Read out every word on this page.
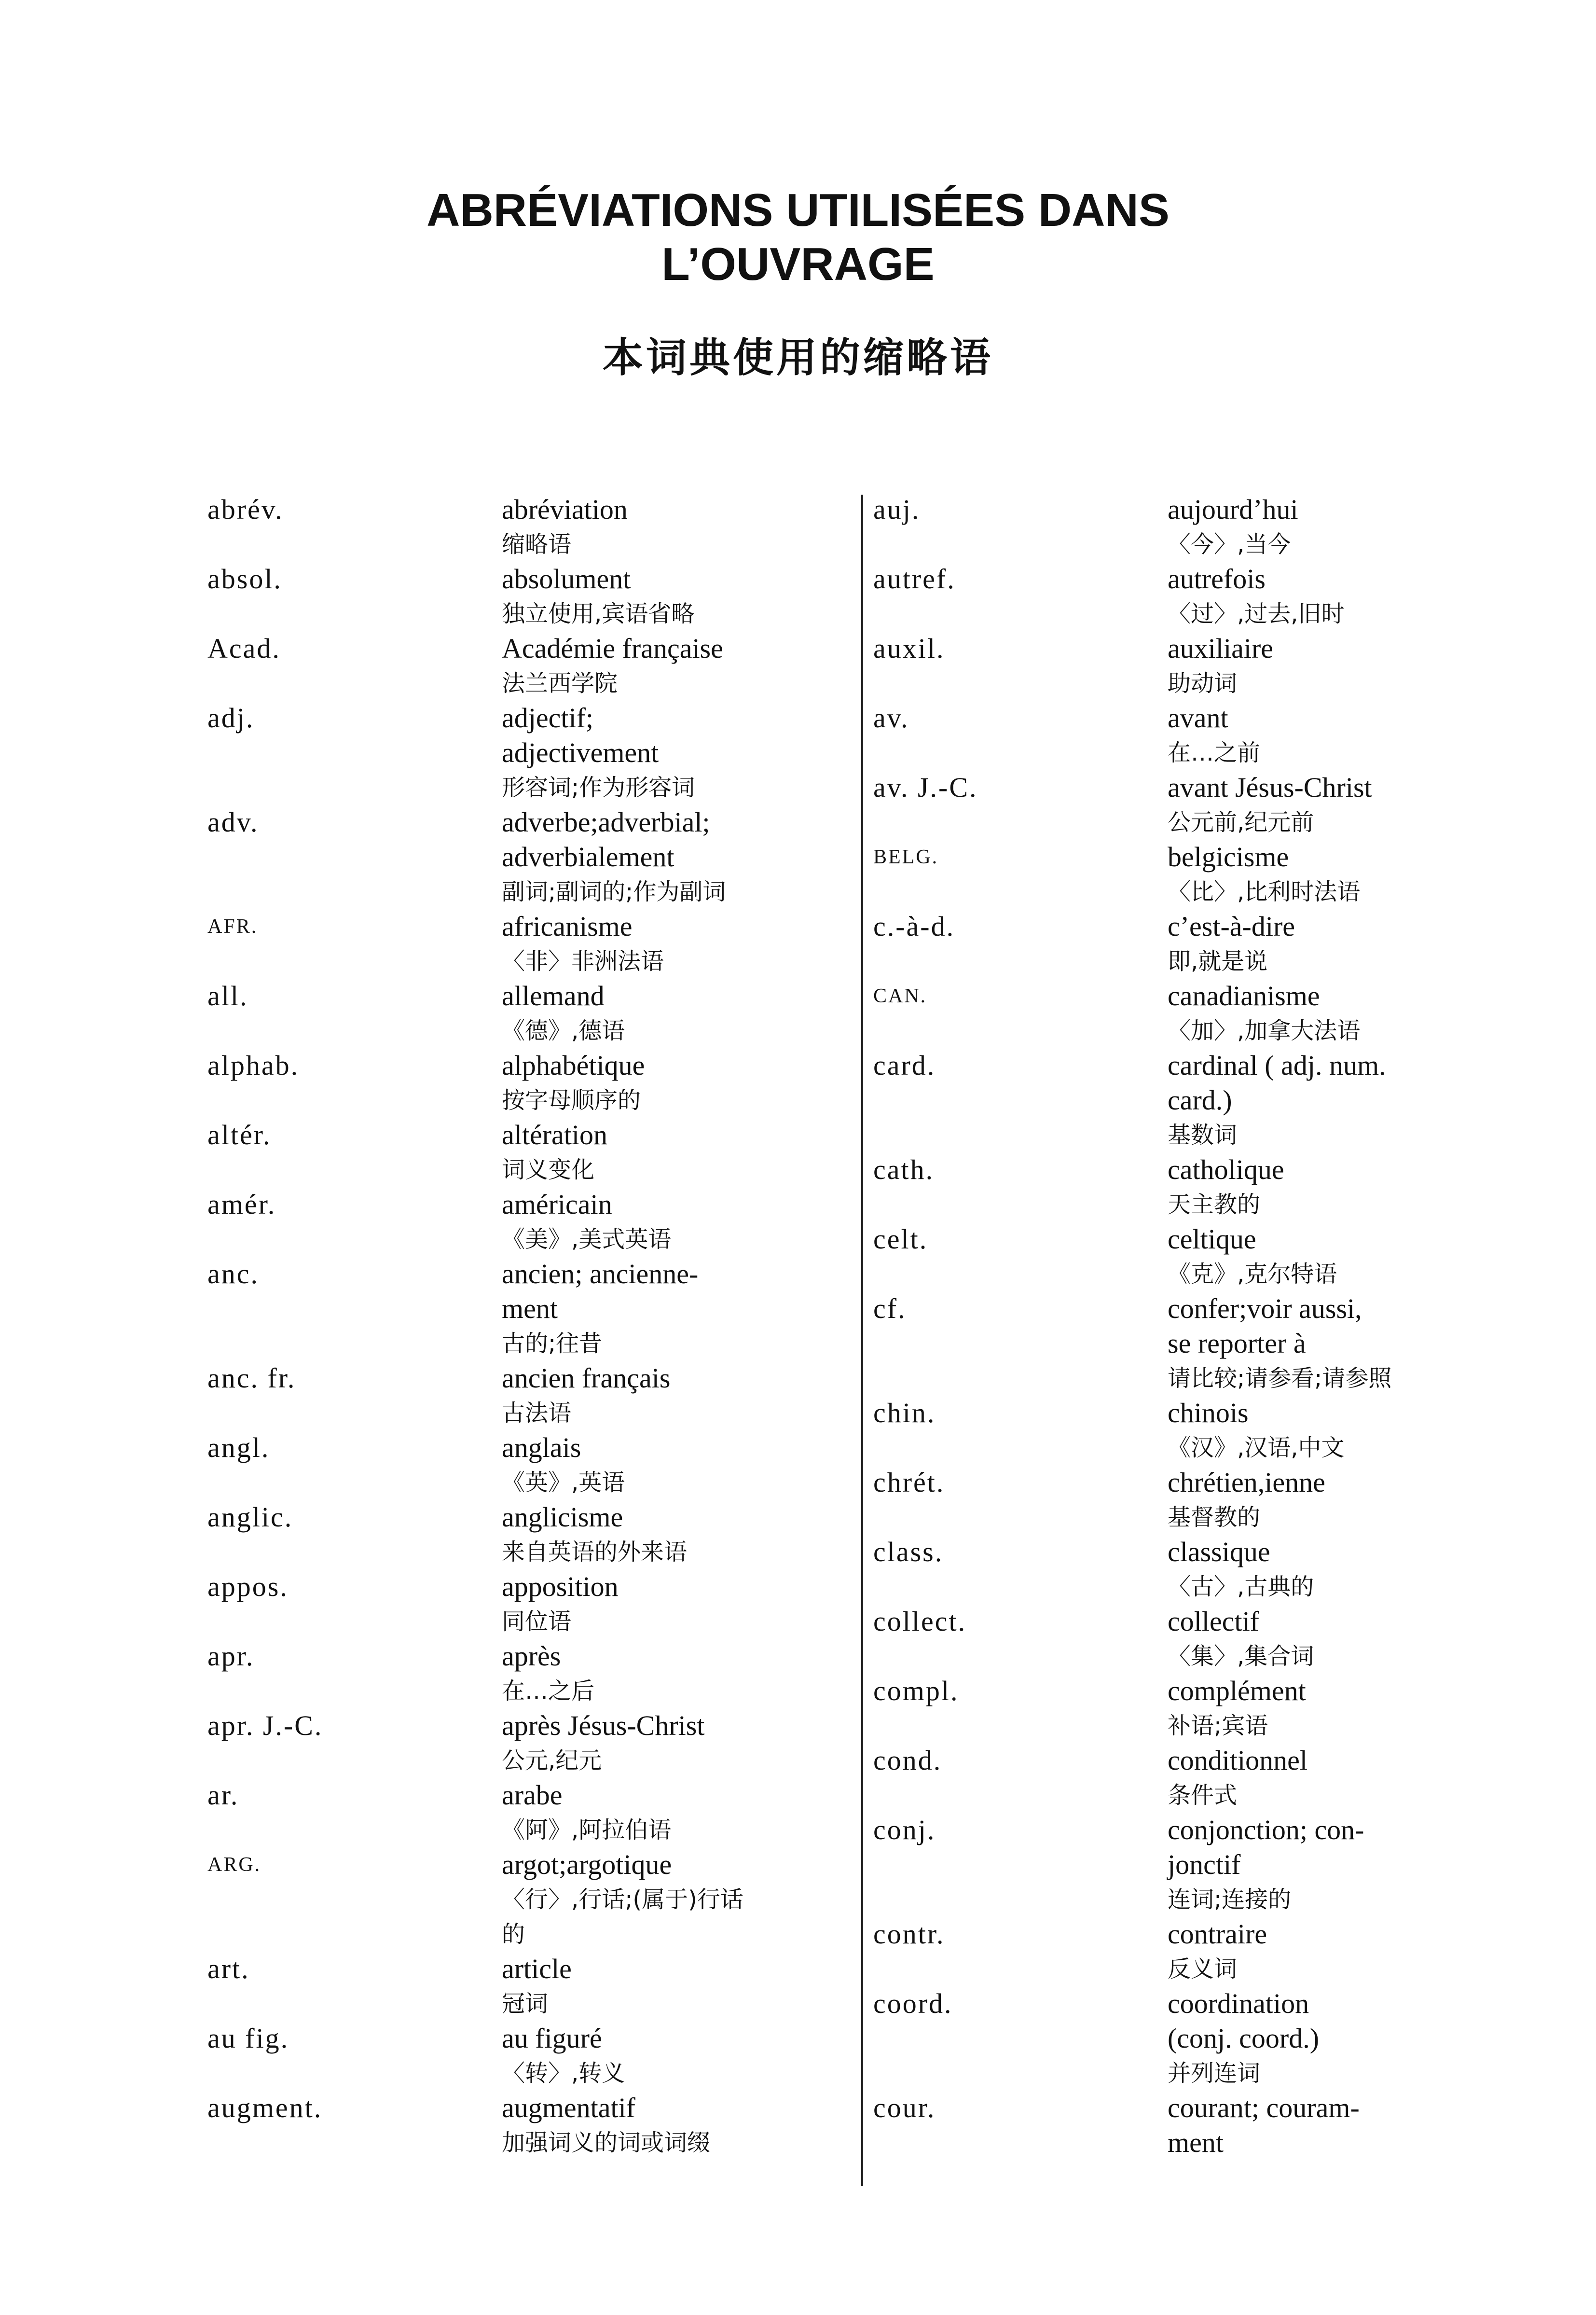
ABRÉVIATIONS UTILISÉES DANS
L’OUVRAGE
本词典使用的缩略语
abrév.	abréviation
缩略语
absol.	absolument
独立使用,宾语省略
Acad.	Académie française
法兰西学院
adj.	adjectif;
adjectivement
形容词;作为形容词
adv.	adverbe;adverbial;
adverbialement
副词;副词的;作为副词
AFR.	africanisme
〈非〉非洲法语
all.	allemand
《德》,德语
alphab.	alphabétique
按字母顺序的
altér.	altération
词义变化
amér.	américain
《美》,美式英语
anc.	ancien; ancienne-
ment
古的;往昔
anc. fr.	ancien français
古法语
angl.	anglais
《英》,英语
anglic.	anglicisme
来自英语的外来语
appos.	apposition
同位语
apr.	après
在…之后
apr. J.-C.	après Jésus-Christ
公元,纪元
ar.	arabe
《阿》,阿拉伯语
ARG.	argot;argotique
〈行〉,行话;(属于)行话
的
art.	article
冠词
au fig.	au figuré
〈转〉,转义
augment.	augmentatif
加强词义的词或词缀
auj.	aujourd’hui
〈今〉,当今
autref.	autrefois
〈过〉,过去,旧时
auxil.	auxiliaire
助动词
av.	avant
在…之前
av. J.-C.	avant Jésus-Christ
公元前,纪元前
BELG.	belgicisme
〈比〉,比利时法语
c.-à-d.	c’est-à-dire
即,就是说
CAN.	canadianisme
〈加〉,加拿大法语
card.	cardinal ( adj. num.
card.)
基数词
cath.	catholique
天主教的
celt.	celtique
《克》,克尔特语
cf.	confer;voir aussi,
se reporter à
请比较;请参看;请参照
chin.	chinois
《汉》,汉语,中文
chrét.	chrétien,ienne
基督教的
class.	classique
〈古〉,古典的
collect.	collectif
〈集〉,集合词
compl.	complément
补语;宾语
cond.	conditionnel
条件式
conj.	conjonction; con-
jonctif
连词;连接的
contr.	contraire
反义词
coord.	coordination
(conj. coord.)
并列连词
cour.	courant; couram-
ment
